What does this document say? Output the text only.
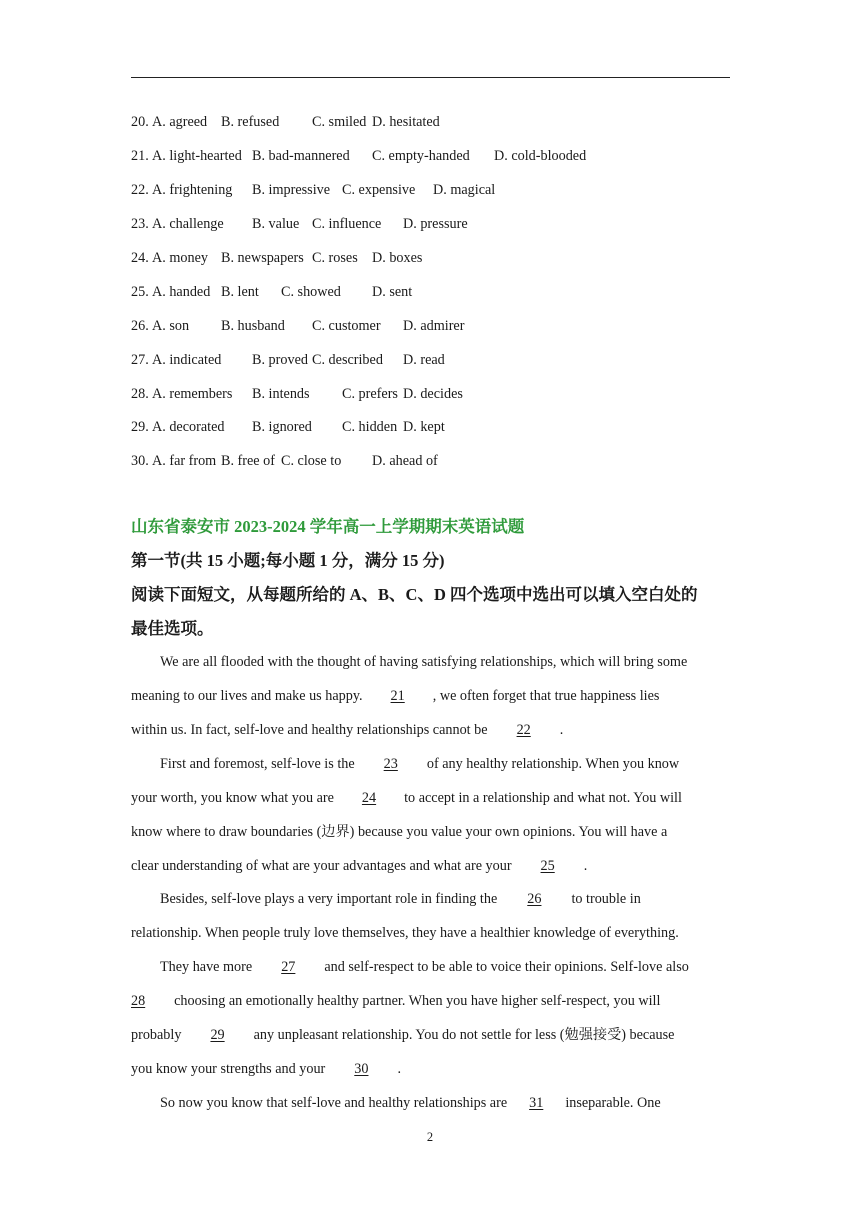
20. A. agreed B. refused C. smiled D. hesitated
21. A. light-hearted B. bad-mannered C. empty-handed D. cold-blooded
22. A. frightening B. impressive C. expensive D. magical
23. A. challenge B. value C. influence D. pressure
24. A. money B. newspapers C. roses D. boxes
25. A. handed B. lent C. showed D. sent
26. A. son B. husband C. customer D. admirer
27. A. indicated B. proved C. described D. read
28. A. remembers B. intends C. prefers D. decides
29. A. decorated B. ignored C. hidden D. kept
30. A. far from B. free of C. close to D. ahead of
山东省泰安市 2023-2024 学年高一上学期期末英语试题
第一节(共 15 小题;每小题 1 分，满分 15 分)
阅读下面短文，从每题所给的 A、B、C、D 四个选项中选出可以填入空白处的
最佳选项。
We are all flooded with the thought of having satisfying relationships, which will bring some
meaning to our lives and make us happy.  21  , we often forget that true happiness lies
within us. In fact, self-love and healthy relationships cannot be  22  .
First and foremost, self-love is the  23  of any healthy relationship. When you know
your worth, you know what you are  24  to accept in a relationship and what not. You will
know where to draw boundaries (边界) because you value your own opinions. You will have a
clear understanding of what are your advantages and what are your  25  .
Besides, self-love plays a very important role in finding the  26  to trouble in
relationship. When people truly love themselves, they have a healthier knowledge of everything.
They have more  27  and self-respect to be able to voice their opinions. Self-love also
28  choosing an emotionally healthy partner. When you have higher self-respect, you will
probably  29  any unpleasant relationship. You do not settle for less (勉强接受) because
you know your strengths and your  30  .
So now you know that self-love and healthy relationships are  31  inseparable. One
2
